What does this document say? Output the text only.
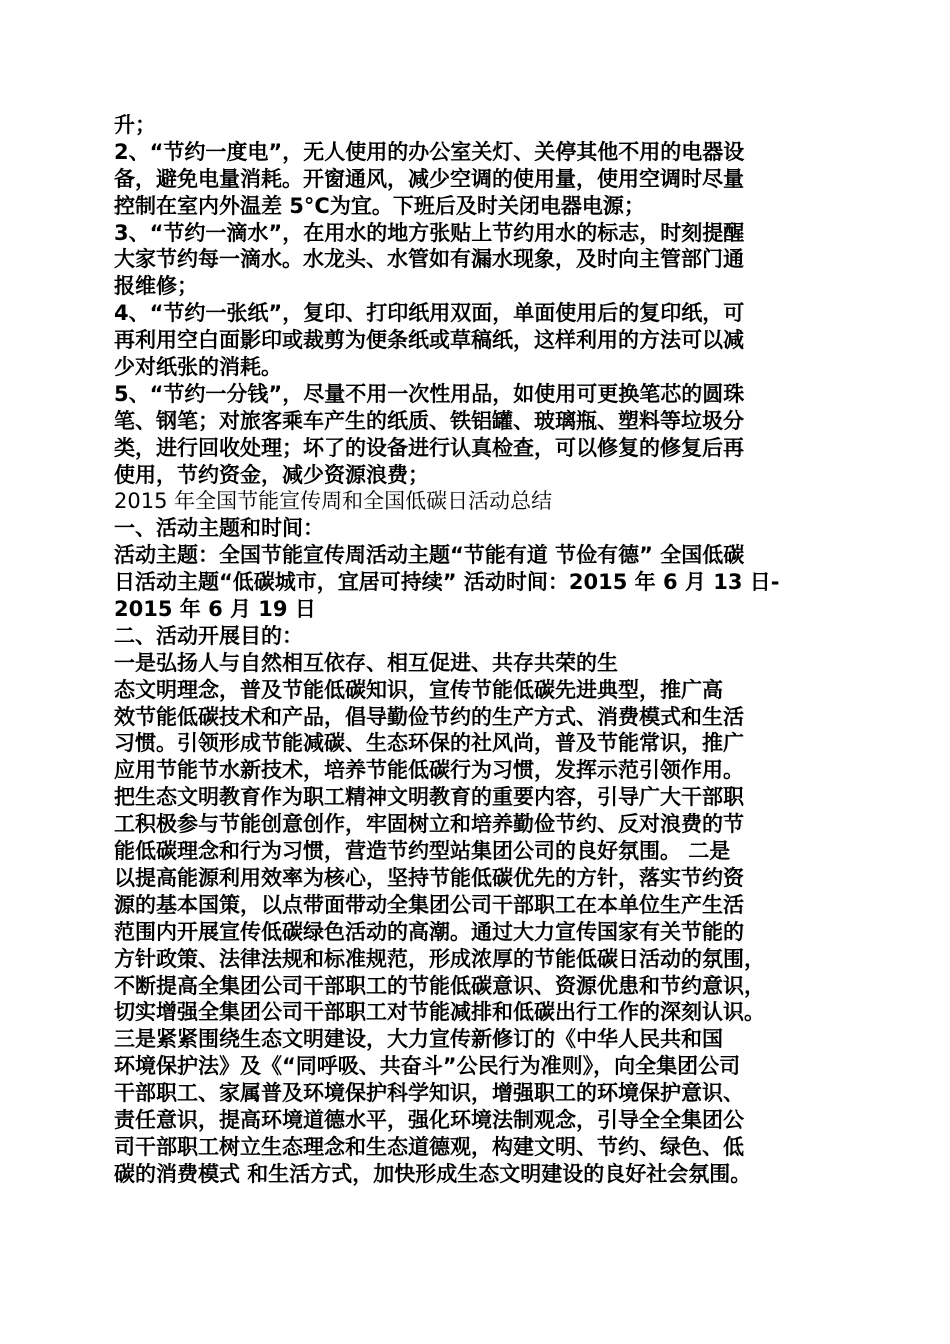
升；
2、“节约一度电”，无人使用的办公室关灯、关停其他不用的电器设
备，避免电量消耗。开窗通风，减少空调的使用量，使用空调时尽量
控制在室内外温差 5°C为宜。下班后及时关闭电器电源；
3、“节约一滴水”，在用水的地方张贴上节约用水的标志，时刻提醒
大家节约每一滴水。水龙头、水管如有漏水现象，及时向主管部门通
报维修；
4、“节约一张纸”，复印、打印纸用双面，单面使用后的复印纸，可
再利用空白面影印或裁剪为便条纸或草稿纸，这样利用的方法可以减
少对纸张的消耗。
5、“节约一分钱”，尽量不用一次性用品，如使用可更换笔芯的圆珠
笔、钢笔；对旅客乘车产生的纸质、铁铝罐、玻璃瓶、塑料等垃圾分
类，进行回收处理；坏了的设备进行认真检查，可以修复的修复后再
使用，节约资金，减少资源浪费；
2015 年全国节能宣传周和全国低碳日活动总结
一、活动主题和时间：
活动主题：全国节能宣传周活动主题“节能有道 节俭有德” 全国低碳
日活动主题“低碳城市，宜居可持续” 活动时间：2015 年 6 月 13 日-
2015 年 6 月 19 日
二、活动开展目的：
一是弘扬人与自然相互依存、相互促进、共存共荣的生
态文明理念，普及节能低碳知识，宣传节能低碳先进典型，推广高
效节能低碳技术和产品，倡导勤俭节约的生产方式、消费模式和生活
习惯。引领形成节能减碳、生态环保的社风尚，普及节能常识，推广
应用节能节水新技术，培养节能低碳行为习惯，发挥示范引领作用。
把生态文明教育作为职工精神文明教育的重要内容，引导广大干部职
工积极参与节能创意创作，牢固树立和培养勤俭节约、反对浪费的节
能低碳理念和行为习惯，营造节约型站集团公司的良好氛围。 二是
以提高能源利用效率为核心，坚持节能低碳优先的方针，落实节约资
源的基本国策，以点带面带动全集团公司干部职工在本单位生产生活
范围内开展宣传低碳绿色活动的高潮。通过大力宣传国家有关节能的
方针政策、法律法规和标准规范，形成浓厚的节能低碳日活动的氛围，
不断提高全集团公司干部职工的节能低碳意识、资源优患和节约意识，
切实增强全集团公司干部职工对节能减排和低碳出行工作的深刻认识。
三是紧紧围绕生态文明建设，大力宣传新修订的《中华人民共和国
环境保护法》及《“同呼吸、共奋斗”公民行为准则》，向全集团公司
干部职工、家属普及环境保护科学知识，增强职工的环境保护意识、
责任意识，提高环境道德水平，强化环境法制观念，引导全全集团公
司干部职工树立生态理念和生态道德观，构建文明、节约、绿色、低
碳的消费模式 和生活方式，加快形成生态文明建设的良好社会氛围。
